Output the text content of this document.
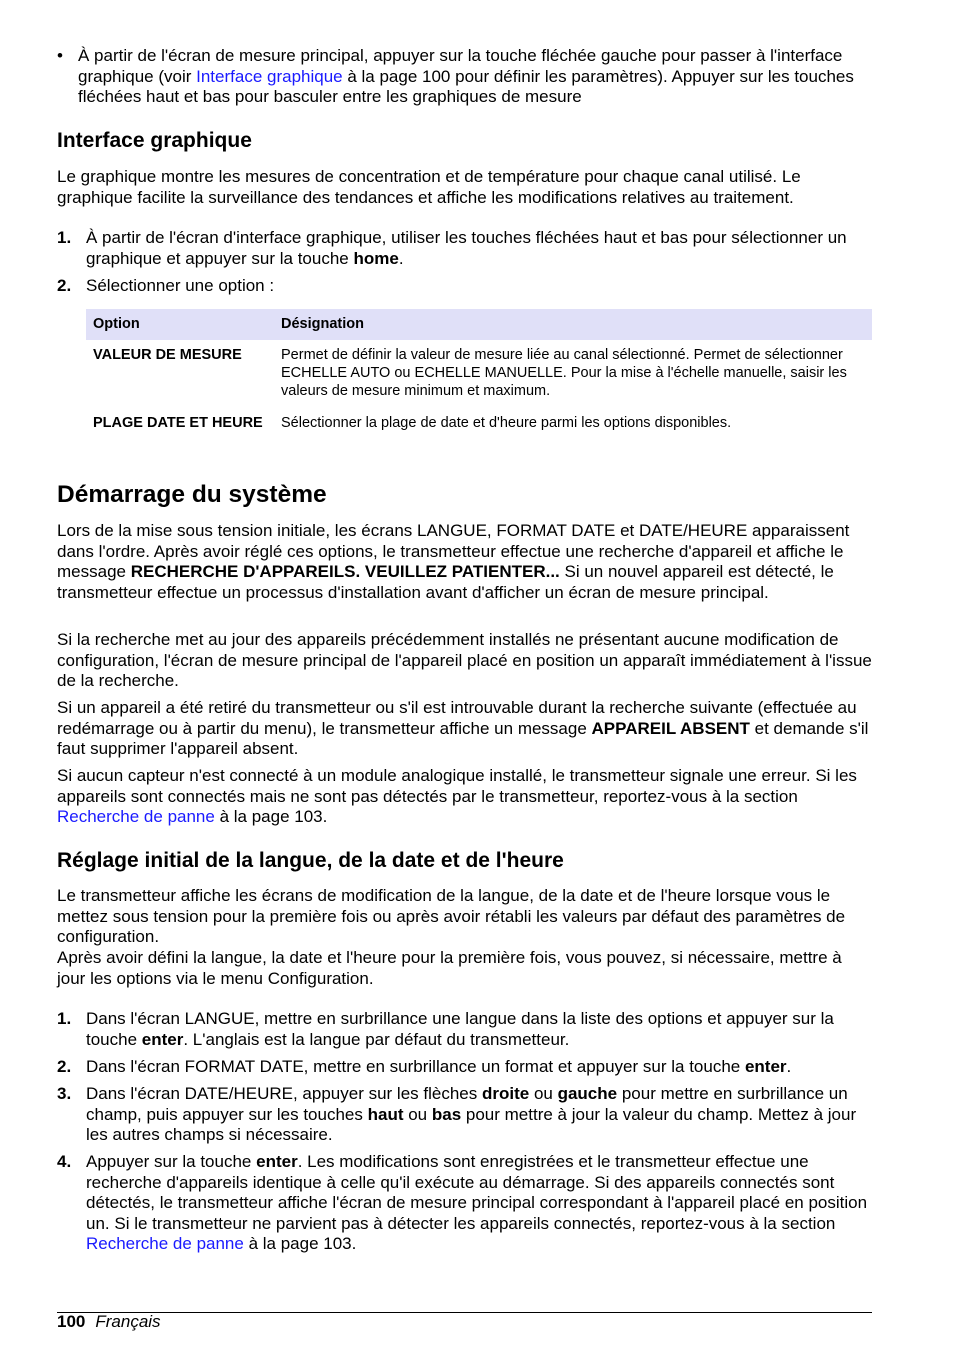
• À partir de l'écran de mesure principal, appuyer sur la touche fléchée gauche pour passer à l'interface graphique (voir Interface graphique à la page 100 pour définir les paramètres). Appuyer sur les touches fléchées haut et bas pour basculer entre les graphiques de mesure

Interface graphique

Le graphique montre les mesures de concentration et de température pour chaque canal utilisé. Le graphique facilite la surveillance des tendances et affiche les modifications relatives au traitement.

1. À partir de l'écran d'interface graphique, utiliser les touches fléchées haut et bas pour sélectionner un graphique et appuyer sur la touche home.

2. Sélectionner une option :

Option	Désignation
VALEUR DE MESURE	Permet de définir la valeur de mesure liée au canal sélectionné. Permet de sélectionner ECHELLE AUTO ou ECHELLE MANUELLE. Pour la mise à l'échelle manuelle, saisir les valeurs de mesure minimum et maximum.
PLAGE DATE ET HEURE	Sélectionner la plage de date et d'heure parmi les options disponibles.
Démarrage du système

Lors de la mise sous tension initiale, les écrans LANGUE, FORMAT DATE et DATE/HEURE apparaissent dans l'ordre. Après avoir réglé ces options, le transmetteur effectue une recherche d'appareil et affiche le message RECHERCHE D'APPAREILS. VEUILLEZ PATIENTER... Si un nouvel appareil est détecté, le transmetteur effectue un processus d'installation avant d'afficher un écran de mesure principal.

Si la recherche met au jour des appareils précédemment installés ne présentant aucune modification de configuration, l'écran de mesure principal de l'appareil placé en position un apparaît immédiatement à l'issue de la recherche.

Si un appareil a été retiré du transmetteur ou s'il est introuvable durant la recherche suivante (effectuée au redémarrage ou à partir du menu), le transmetteur affiche un message APPAREIL ABSENT et demande s'il faut supprimer l'appareil absent.

Si aucun capteur n'est connecté à un module analogique installé, le transmetteur signale une erreur. Si les appareils sont connectés mais ne sont pas détectés par le transmetteur, reportez-vous à la section Recherche de panne à la page 103.

Réglage initial de la langue, de la date et de l'heure

Le transmetteur affiche les écrans de modification de la langue, de la date et de l'heure lorsque vous le mettez sous tension pour la première fois ou après avoir rétabli les valeurs par défaut des paramètres de configuration.

Après avoir défini la langue, la date et l'heure pour la première fois, vous pouvez, si nécessaire, mettre à jour les options via le menu Configuration.

1. Dans l'écran LANGUE, mettre en surbrillance une langue dans la liste des options et appuyer sur la touche enter. L'anglais est la langue par défaut du transmetteur.

2. Dans l'écran FORMAT DATE, mettre en surbrillance un format et appuyer sur la touche enter.

3. Dans l'écran DATE/HEURE, appuyer sur les flèches droite ou gauche pour mettre en surbrillance un champ, puis appuyer sur les touches haut ou bas pour mettre à jour la valeur du champ. Mettez à jour les autres champs si nécessaire.

4. Appuyer sur la touche enter. Les modifications sont enregistrées et le transmetteur effectue une recherche d'appareils identique à celle qu'il exécute au démarrage. Si des appareils connectés sont détectés, le transmetteur affiche l'écran de mesure principal correspondant à l'appareil placé en position un. Si le transmetteur ne parvient pas à détecter les appareils connectés, reportez-vous à la section Recherche de panne à la page 103.

100 Français
